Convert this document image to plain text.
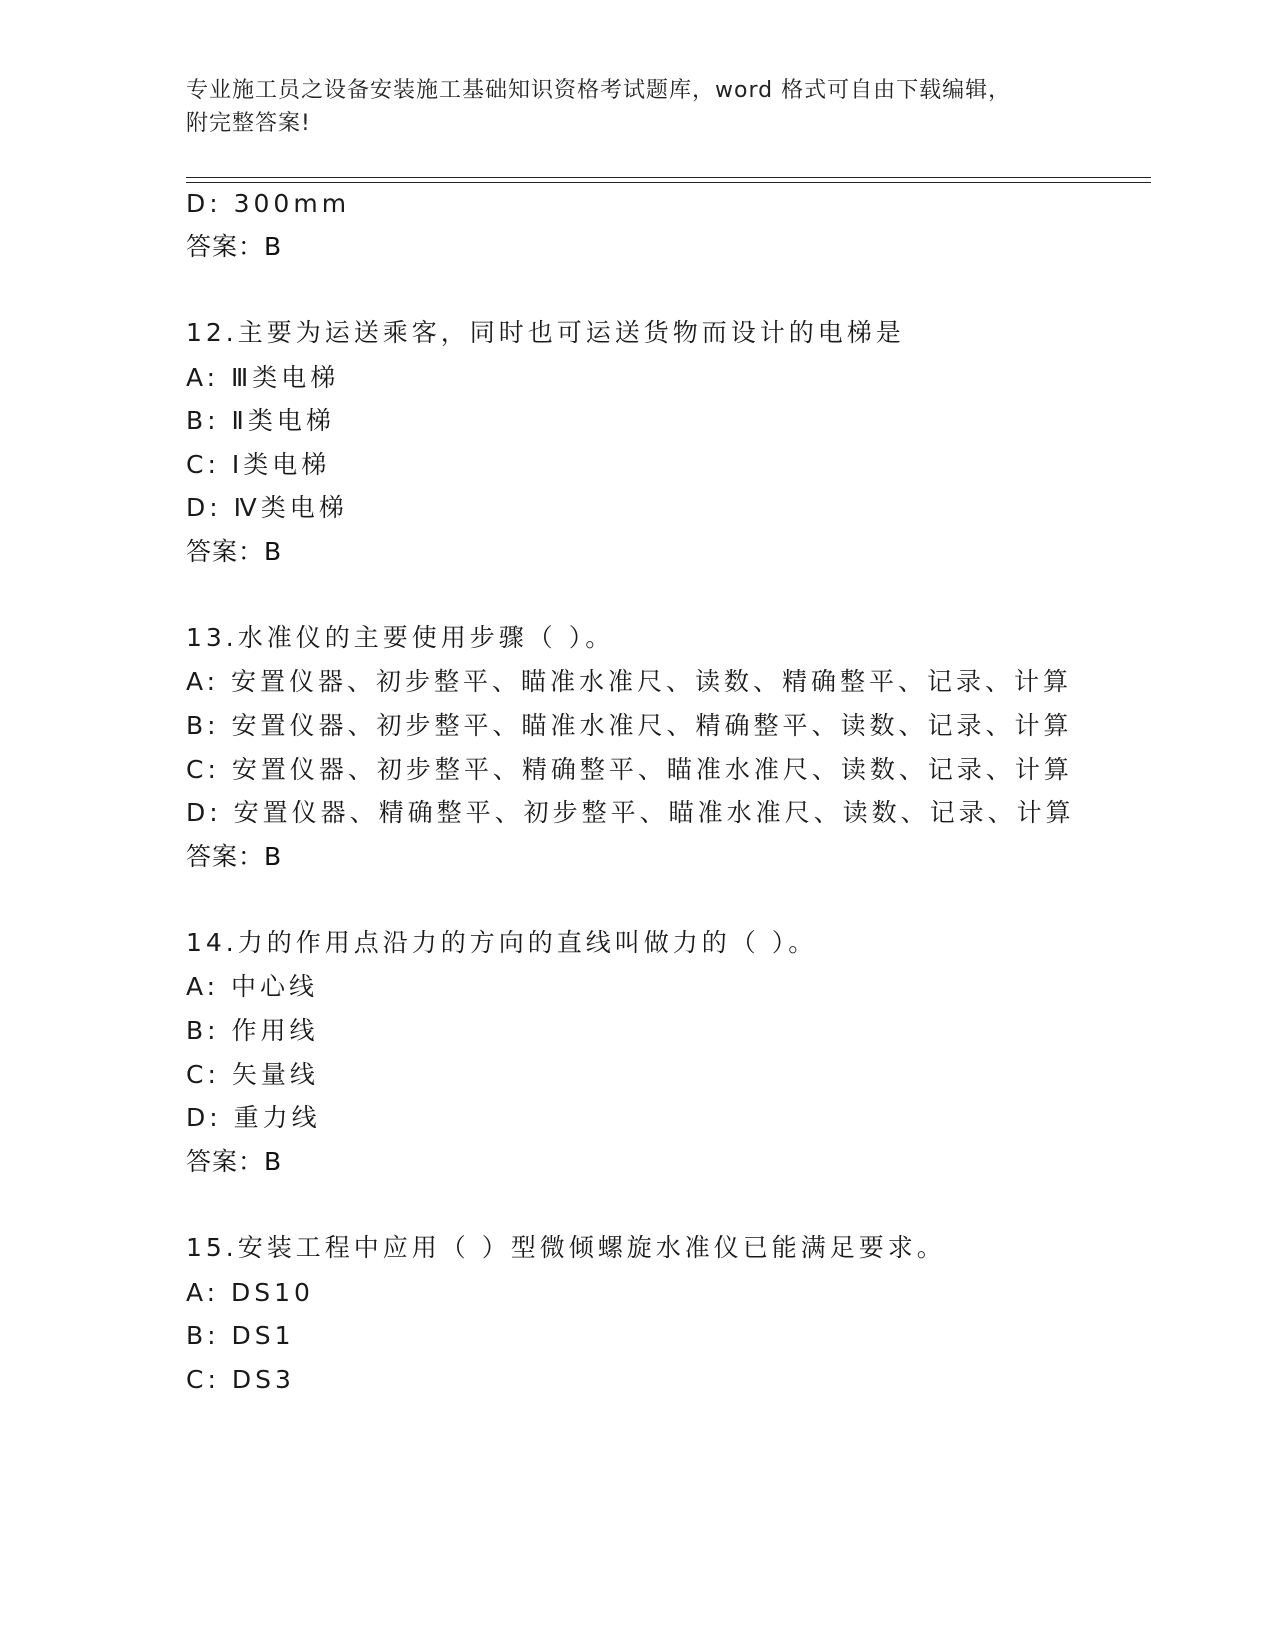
专业施工员之设备安装施工基础知识资格考试题库，word 格式可自由下载编辑，
附完整答案!
D: 300mm
答案：B
12.主要为运送乘客，同时也可运送货物而设计的电梯是
A: Ⅲ类电梯
B: Ⅱ类电梯
C: Ⅰ类电梯
D: Ⅳ类电梯
答案：B
13.水准仪的主要使用步骤（ ）。
A: 安置仪器、初步整平、瞄准水准尺、读数、精确整平、记录、计算
B: 安置仪器、初步整平、瞄准水准尺、精确整平、读数、记录、计算
C: 安置仪器、初步整平、精确整平、瞄准水准尺、读数、记录、计算
D: 安置仪器、精确整平、初步整平、瞄准水准尺、读数、记录、计算
答案：B
14.力的作用点沿力的方向的直线叫做力的（ ）。
A: 中心线
B: 作用线
C: 矢量线
D: 重力线
答案：B
15.安装工程中应用（ ）型微倾螺旋水准仪已能满足要求。
A: DS10
B: DS1
C: DS3
